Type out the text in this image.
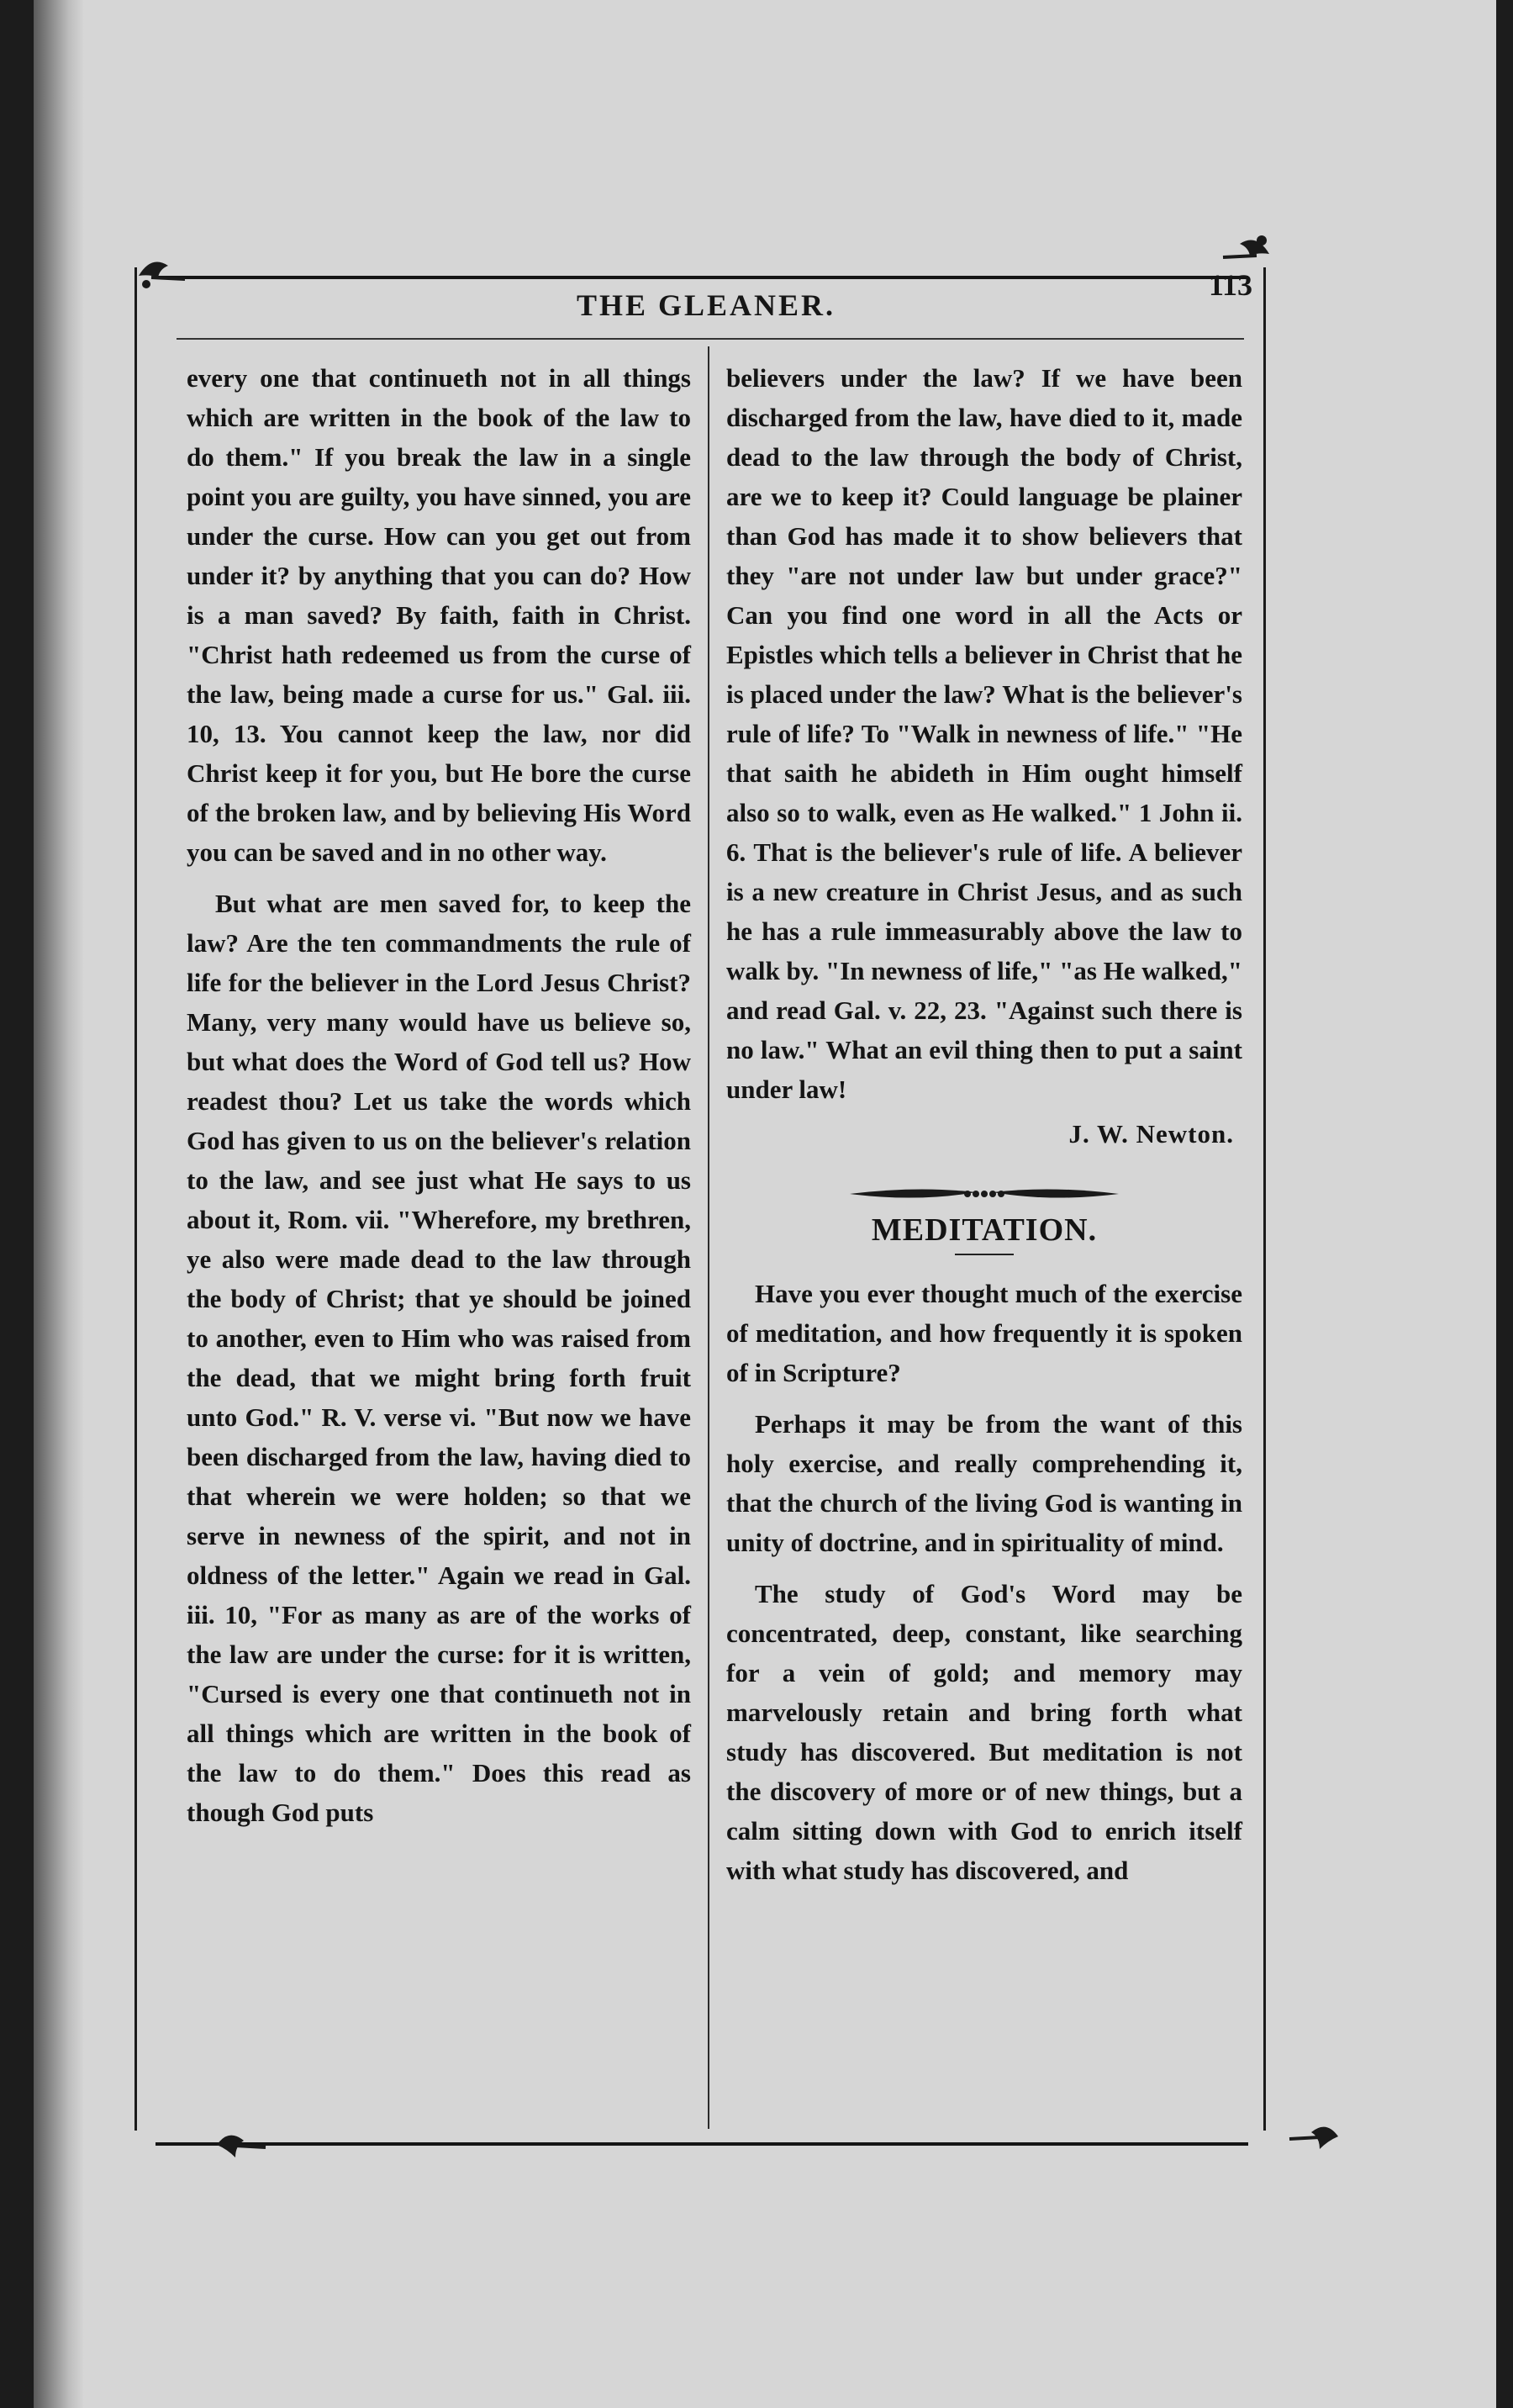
THE GLEANER.
113

every one that continueth not in all things which are written in the book of the law to do them." If you break the law in a single point you are guilty, you have sinned, you are under the curse. How can you get out from under it? by anything that you can do? How is a man saved? By faith, faith in Christ. "Christ hath redeemed us from the curse of the law, being made a curse for us." Gal. iii. 10, 13. You cannot keep the law, nor did Christ keep it for you, but He bore the curse of the broken law, and by believing His Word you can be saved and in no other way.

But what are men saved for, to keep the law? Are the ten commandments the rule of life for the believer in the Lord Jesus Christ? Many, very many would have us believe so, but what does the Word of God tell us? How readest thou? Let us take the words which God has given to us on the believer's relation to the law, and see just what He says to us about it, Rom. vii. "Wherefore, my brethren, ye also were made dead to the law through the body of Christ; that ye should be joined to another, even to Him who was raised from the dead, that we might bring forth fruit unto God." R. V. verse vi. "But now we have been discharged from the law, having died to that wherein we were holden; so that we serve in newness of the spirit, and not in oldness of the letter." Again we read in Gal. iii. 10, "For as many as are of the works of the law are under the curse: for it is written, "Cursed is every one that continueth not in all things which are written in the book of the law to do them." Does this read as though God puts

believers under the law? If we have been discharged from the law, have died to it, made dead to the law through the body of Christ, are we to keep it? Could language be plainer than God has made it to show believers that they "are not under law but under grace?" Can you find one word in all the Acts or Epistles which tells a believer in Christ that he is placed under the law? What is the believer's rule of life? To "Walk in newness of life." "He that saith he abideth in Him ought himself also so to walk, even as He walked." 1 John ii. 6. That is the believer's rule of life. A believer is a new creature in Christ Jesus, and as such he has a rule immeasurably above the law to walk by. "In newness of life," "as He walked," and read Gal. v. 22, 23. "Against such there is no law." What an evil thing then to put a saint under law!

J. W. Newton.
MEDITATION.

Have you ever thought much of the exercise of meditation, and how frequently it is spoken of in Scripture?

Perhaps it may be from the want of this holy exercise, and really comprehending it, that the church of the living God is wanting in unity of doctrine, and in spirituality of mind.

The study of God's Word may be concentrated, deep, constant, like searching for a vein of gold; and memory may marvelously retain and bring forth what study has discovered. But meditation is not the discovery of more or of new things, but a calm sitting down with God to enrich itself with what study has discovered, and
